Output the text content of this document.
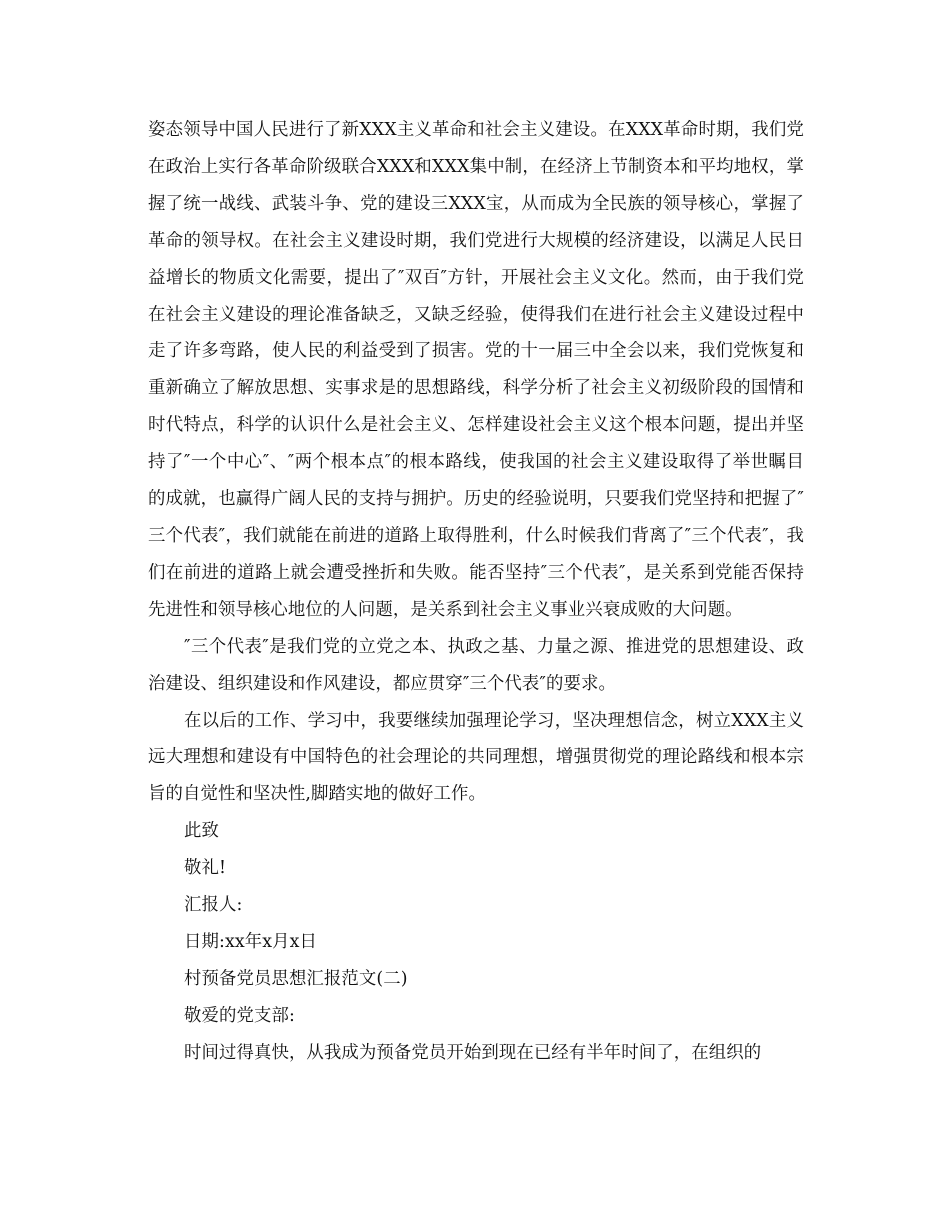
姿态领导中国人民进行了新XXX主义革命和社会主义建设。在XXX革命时期，我们党在政治上实行各革命阶级联合XXX和XXX集中制，在经济上节制资本和平均地权，掌握了统一战线、武装斗争、党的建设三XXX宝，从而成为全民族的领导核心，掌握了革命的领导权。在社会主义建设时期，我们党进行大规模的经济建设，以满足人民日益增长的物质文化需要，提出了″双百″方针，开展社会主义文化。然而，由于我们党在社会主义建设的理论准备缺乏，又缺乏经验，使得我们在进行社会主义建设过程中走了许多弯路，使人民的利益受到了损害。党的十一届三中全会以来，我们党恢复和重新确立了解放思想、实事求是的思想路线，科学分析了社会主义初级阶段的国情和时代特点，科学的认识什么是社会主义、怎样建设社会主义这个根本问题，提出并坚持了″一个中心″、″两个根本点″的根本路线，使我国的社会主义建设取得了举世瞩目的成就，也赢得广阔人民的支持与拥护。历史的经验说明，只要我们党坚持和把握了″三个代表″，我们就能在前进的道路上取得胜利，什么时候我们背离了″三个代表″，我们在前进的道路上就会遭受挫折和失败。能否坚持″三个代表″，是关系到党能否保持先进性和领导核心地位的人问题，是关系到社会主义事业兴衰成败的大问题。

″三个代表″是我们党的立党之本、执政之基、力量之源、推进党的思想建设、政治建设、组织建设和作风建设，都应贯穿″三个代表″的要求。

在以后的工作、学习中，我要继续加强理论学习，坚决理想信念，树立XXX主义远大理想和建设有中国特色的社会理论的共同理想，增强贯彻党的理论路线和根本宗旨的自觉性和坚决性,脚踏实地的做好工作。

此致

敬礼!

汇报人:

日期:xx年x月x日

村预备党员思想汇报范文(二)

敬爱的党支部:

时间过得真快，从我成为预备党员开始到现在已经有半年时间了，在组织的
